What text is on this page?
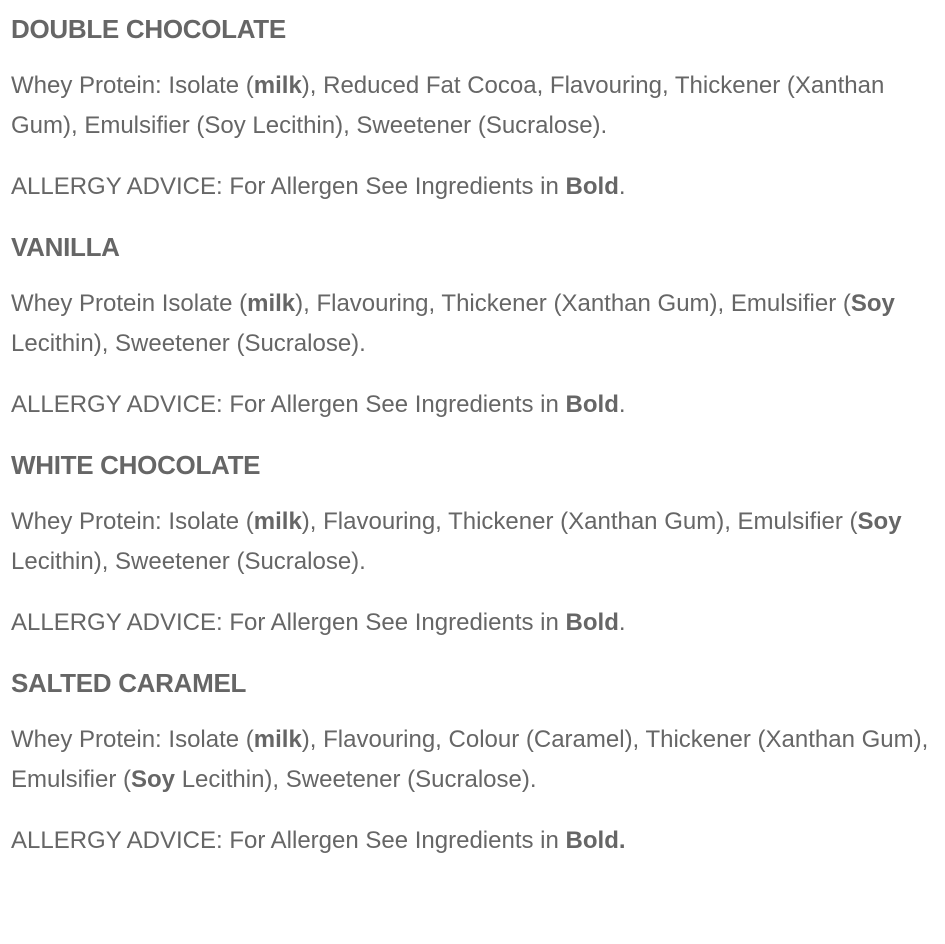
DOUBLE CHOCOLATE

Whey Protein: Isolate (milk), Reduced Fat Cocoa, Flavouring, Thickener (Xanthan Gum), Emulsifier (Soy Lecithin), Sweetener (Sucralose).

ALLERGY ADVICE: For Allergen See Ingredients in Bold.

VANILLA

Whey Protein Isolate (milk), Flavouring, Thickener (Xanthan Gum), Emulsifier (Soy Lecithin), Sweetener (Sucralose).

ALLERGY ADVICE: For Allergen See Ingredients in Bold.

WHITE CHOCOLATE

Whey Protein: Isolate (milk), Flavouring, Thickener (Xanthan Gum), Emulsifier (Soy Lecithin), Sweetener (Sucralose).

ALLERGY ADVICE: For Allergen See Ingredients in Bold.

SALTED CARAMEL

Whey Protein: Isolate (milk), Flavouring, Colour (Caramel), Thickener (Xanthan Gum), Emulsifier (Soy Lecithin), Sweetener (Sucralose).

ALLERGY ADVICE: For Allergen See Ingredients in Bold.
